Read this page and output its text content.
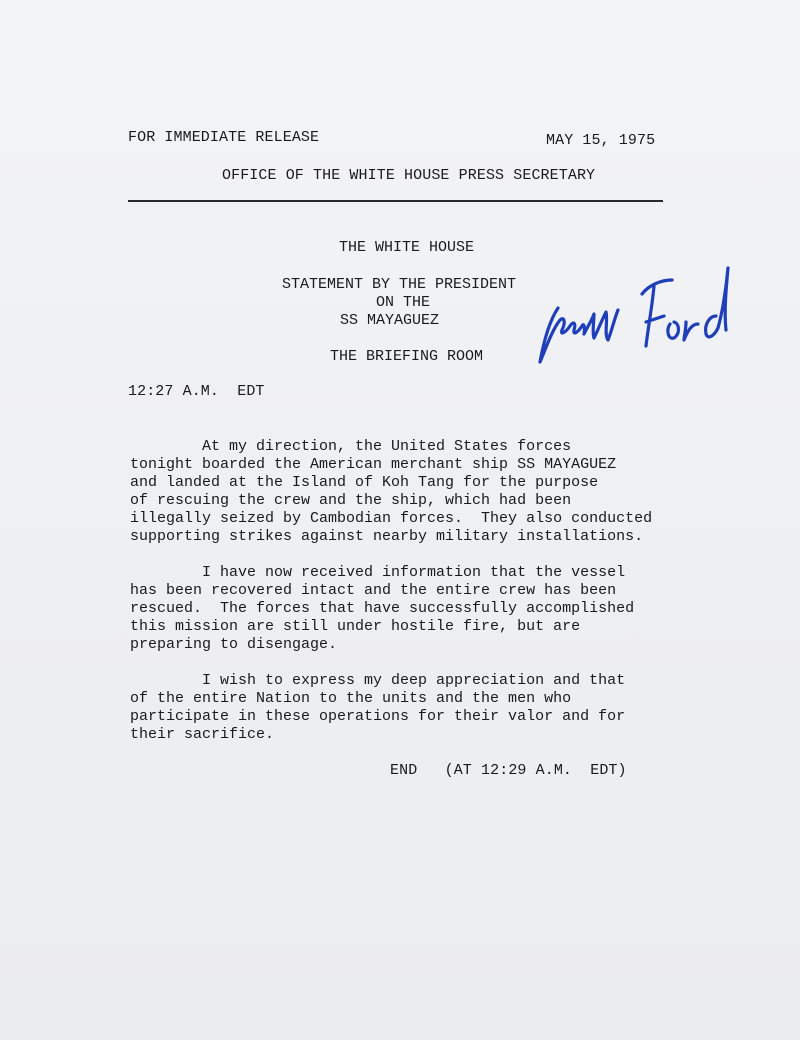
FOR IMMEDIATE RELEASE	MAY 15, 1975
OFFICE OF THE WHITE HOUSE PRESS SECRETARY
THE WHITE HOUSE
STATEMENT BY THE PRESIDENT
ON THE
SS MAYAGUEZ
THE BRIEFING ROOM
12:27 A.M.  EDT
At my direction, the United States forces
tonight boarded the American merchant ship SS MAYAGUEZ
and landed at the Island of Koh Tang for the purpose
of rescuing the crew and the ship, which had been
illegally seized by Cambodian forces.  They also conducted
supporting strikes against nearby military installations.
I have now received information that the vessel
has been recovered intact and the entire crew has been
rescued.  The forces that have successfully accomplished
this mission are still under hostile fire, but are
preparing to disengage.
I wish to express my deep appreciation and that
of the entire Nation to the units and the men who
participate in these operations for their valor and for
their sacrifice.
END   (AT 12:29 A.M.  EDT)
